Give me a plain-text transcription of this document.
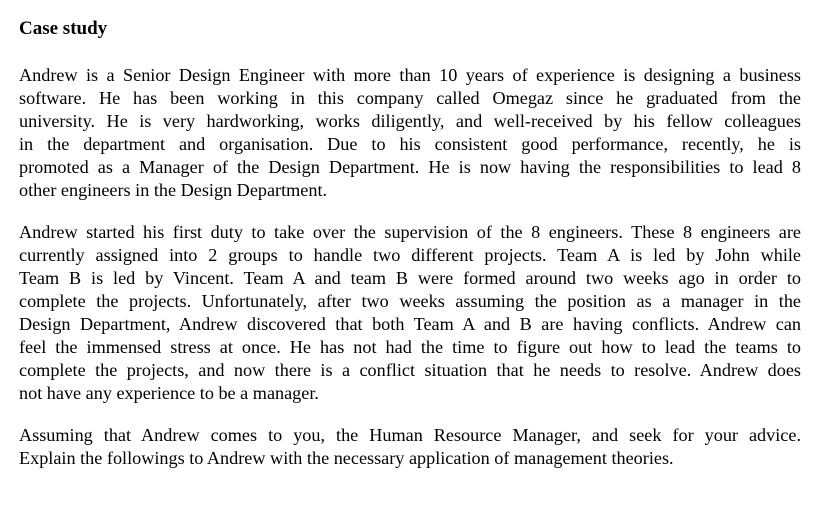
Case study
Andrew is a Senior Design Engineer with more than 10 years of experience is designing a business
software. He has been working in this company called Omegaz since he graduated from the
university. He is very hardworking, works diligently, and well-received by his fellow colleagues
in the department and organisation. Due to his consistent good performance, recently, he is
promoted as a Manager of the Design Department. He is now having the responsibilities to lead 8
other engineers in the Design Department.
Andrew started his first duty to take over the supervision of the 8 engineers. These 8 engineers are
currently assigned into 2 groups to handle two different projects. Team A is led by John while
Team B is led by Vincent. Team A and team B were formed around two weeks ago in order to
complete the projects. Unfortunately, after two weeks assuming the position as a manager in the
Design Department, Andrew discovered that both Team A and B are having conflicts. Andrew can
feel the immensed stress at once. He has not had the time to figure out how to lead the teams to
complete the projects, and now there is a conflict situation that he needs to resolve. Andrew does
not have any experience to be a manager.
Assuming that Andrew comes to you, the Human Resource Manager, and seek for your advice.
Explain the followings to Andrew with the necessary application of management theories.
